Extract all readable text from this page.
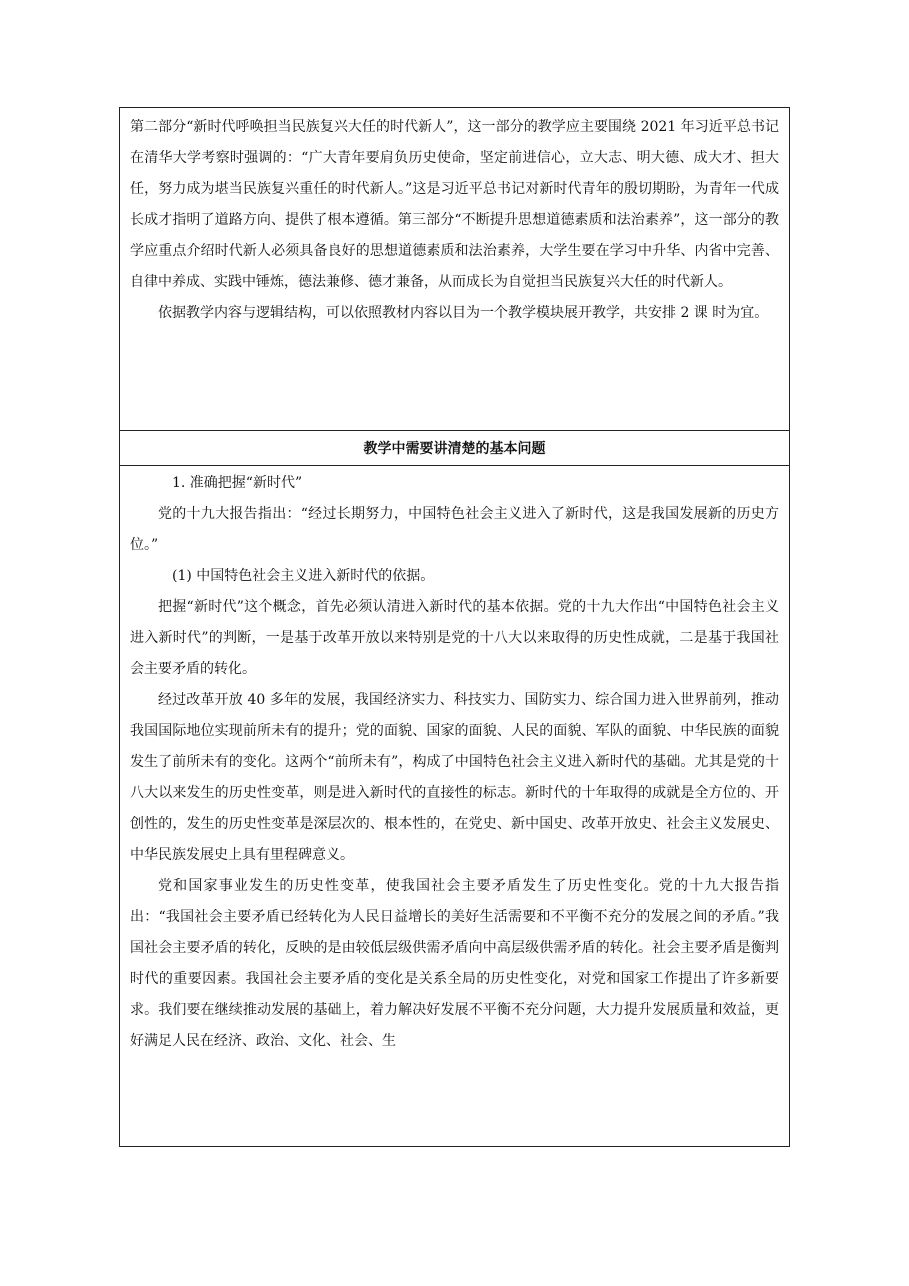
第二部分“新时代呼唤担当民族复兴大任的时代新人”，这一部分的教学应主要围绕 2021 年习近平总书记在清华大学考察时强调的：“广大青年要肩负历史使命，坚定前进信心，立大志、明大德、成大才、担大任，努力成为堪当民族复兴重任的时代新人。”这是习近平总书记对新时代青年的殷切期盼，为青年一代成长成才指明了道路方向、提供了根本遵循。第三部分“不断提升思想道德素质和法治素养”，这一部分的教学应重点介绍时代新人必须具备良好的思想道德素质和法治素养，大学生要在学习中升华、内省中完善、自律中养成、实践中锤炼，德法兼修、德才兼备，从而成长为自觉担当民族复兴大任的时代新人。

依据教学内容与逻辑结构，可以依照教材内容以目为一个教学模块展开教学，共安排 2 课 时为宜。

教学中需要讲清楚的基本问题

1. 准确把握“新时代”

党的十九大报告指出：“经过长期努力，中国特色社会主义进入了新时代，这是我国发展新的历史方位。”

(1) 中国特色社会主义进入新时代的依据。

把握“新时代”这个概念，首先必须认清进入新时代的基本依据。党的十九大作出“中国特色社会主义进入新时代”的判断，一是基于改革开放以来特别是党的十八大以来取得的历史性成就，二是基于我国社会主要矛盾的转化。

经过改革开放 40 多年的发展，我国经济实力、科技实力、国防实力、综合国力进入世界前列，推动我国国际地位实现前所未有的提升；党的面貌、国家的面貌、人民的面貌、军队的面貌、中华民族的面貌发生了前所未有的变化。这两个“前所未有”，构成了中国特色社会主义进入新时代的基础。尤其是党的十八大以来发生的历史性变革，则是进入新时代的直接性的标志。新时代的十年取得的成就是全方位的、开创性的，发生的历史性变革是深层次的、根本性的，在党史、新中国史、改革开放史、社会主义发展史、中华民族发展史上具有里程碑意义。

党和国家事业发生的历史性变革，使我国社会主要矛盾发生了历史性变化。党的十九大报告指出：“我国社会主要矛盾已经转化为人民日益增长的美好生活需要和不平衡不充分的发展之间的矛盾。”我国社会主要矛盾的转化，反映的是由较低层级供需矛盾向中高层级供需矛盾的转化。社会主要矛盾是衡判时代的重要因素。我国社会主要矛盾的变化是关系全局的历史性变化，对党和国家工作提出了许多新要求。我们要在继续推动发展的基础上，着力解决好发展不平衡不充分问题，大力提升发展质量和效益，更好满足人民在经济、政治、文化、社会、生
